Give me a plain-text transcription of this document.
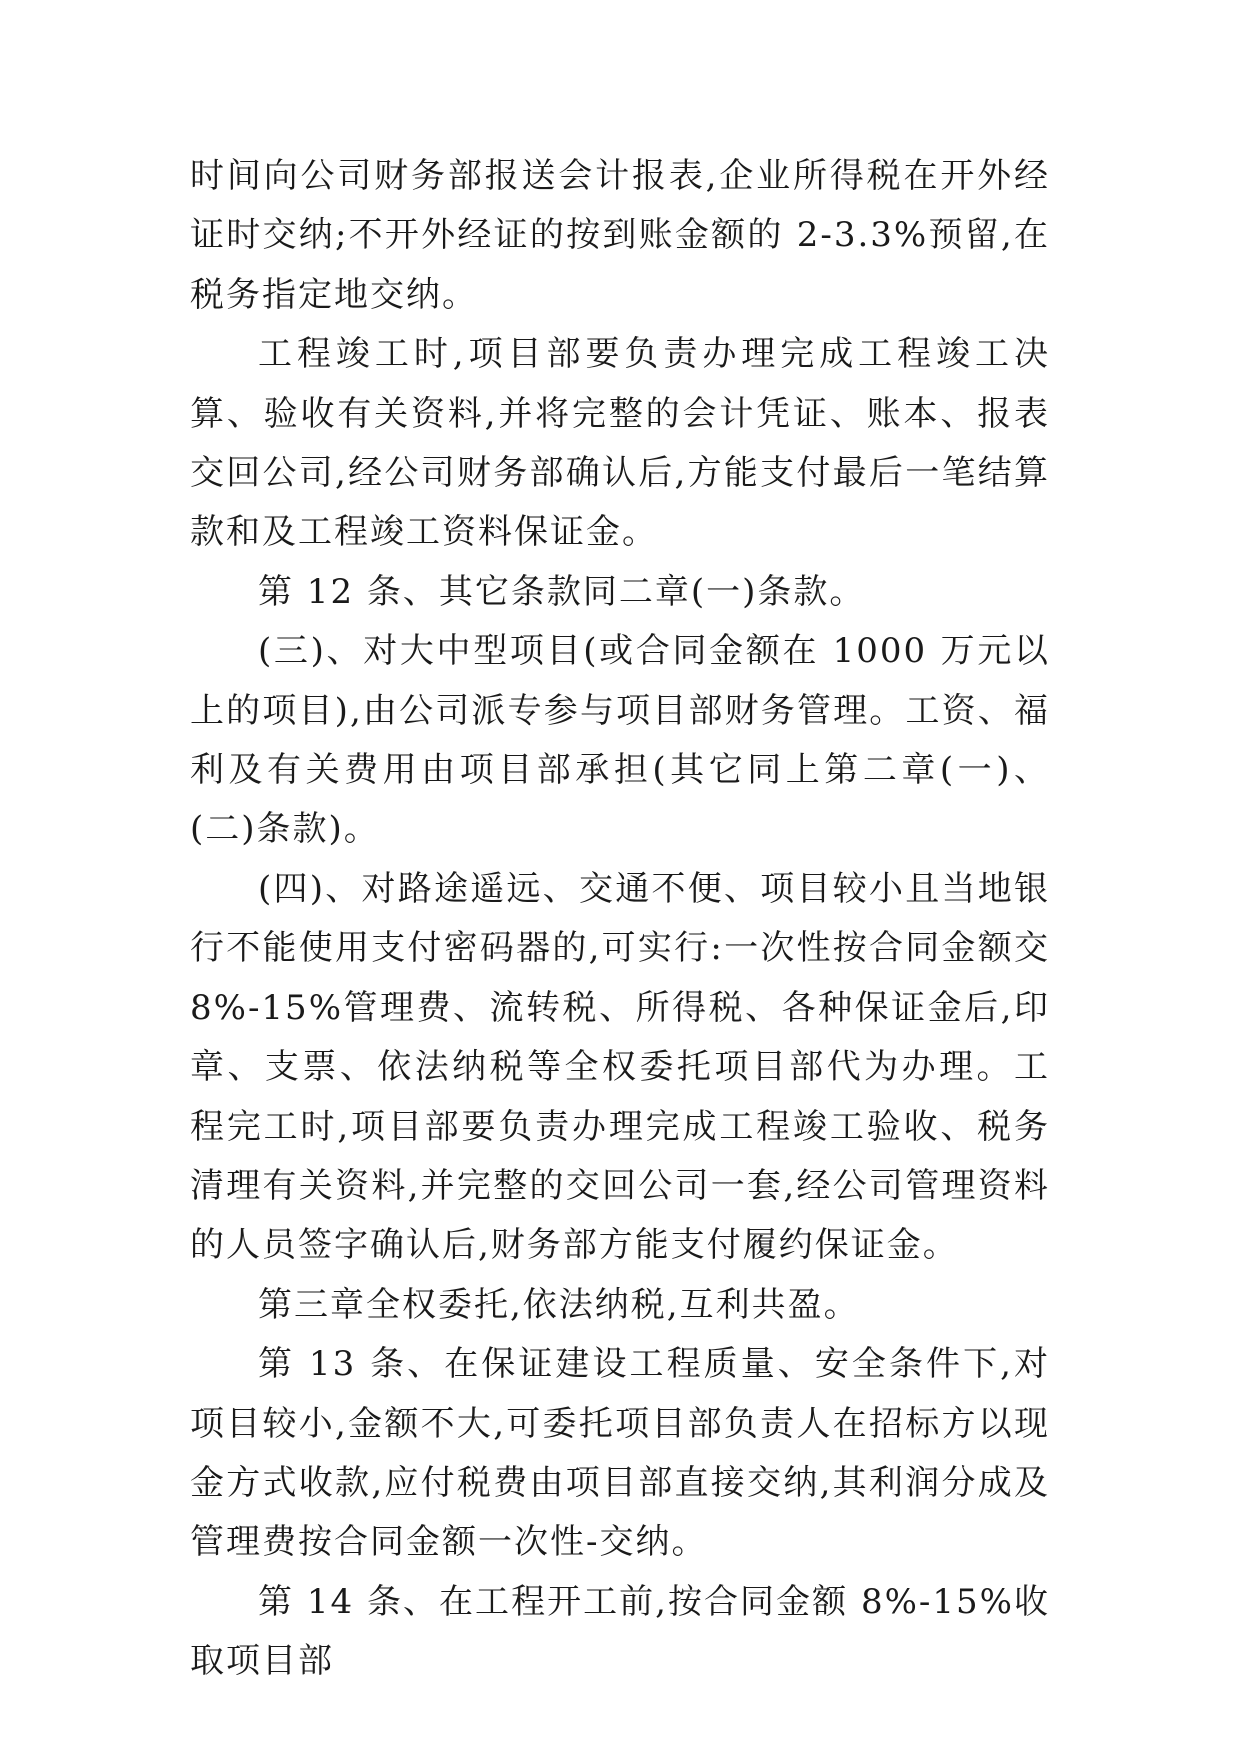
时间向公司财务部报送会计报表,企业所得税在开外经证时交纳;不开外经证的按到账金额的 2-3.3%预留,在税务指定地交纳。

工程竣工时,项目部要负责办理完成工程竣工决算、验收有关资料,并将完整的会计凭证、账本、报表交回公司,经公司财务部确认后,方能支付最后一笔结算款和及工程竣工资料保证金。

第 12 条、其它条款同二章(一)条款。

(三)、对大中型项目(或合同金额在 1000 万元以上的项目),由公司派专参与项目部财务管理。工资、福利及有关费用由项目部承担(其它同上第二章(一)、(二)条款)。

(四)、对路途遥远、交通不便、项目较小且当地银行不能使用支付密码器的,可实行:一次性按合同金额交 8%-15%管理费、流转税、所得税、各种保证金后,印章、支票、依法纳税等全权委托项目部代为办理。工程完工时,项目部要负责办理完成工程竣工验收、税务清理有关资料,并完整的交回公司一套,经公司管理资料的人员签字确认后,财务部方能支付履约保证金。

第三章全权委托,依法纳税,互利共盈。

第 13 条、在保证建设工程质量、安全条件下,对项目较小,金额不大,可委托项目部负责人在招标方以现金方式收款,应付税费由项目部直接交纳,其利润分成及管理费按合同金额一次性-交纳。

第 14 条、在工程开工前,按合同金额 8%-15%收取项目部
